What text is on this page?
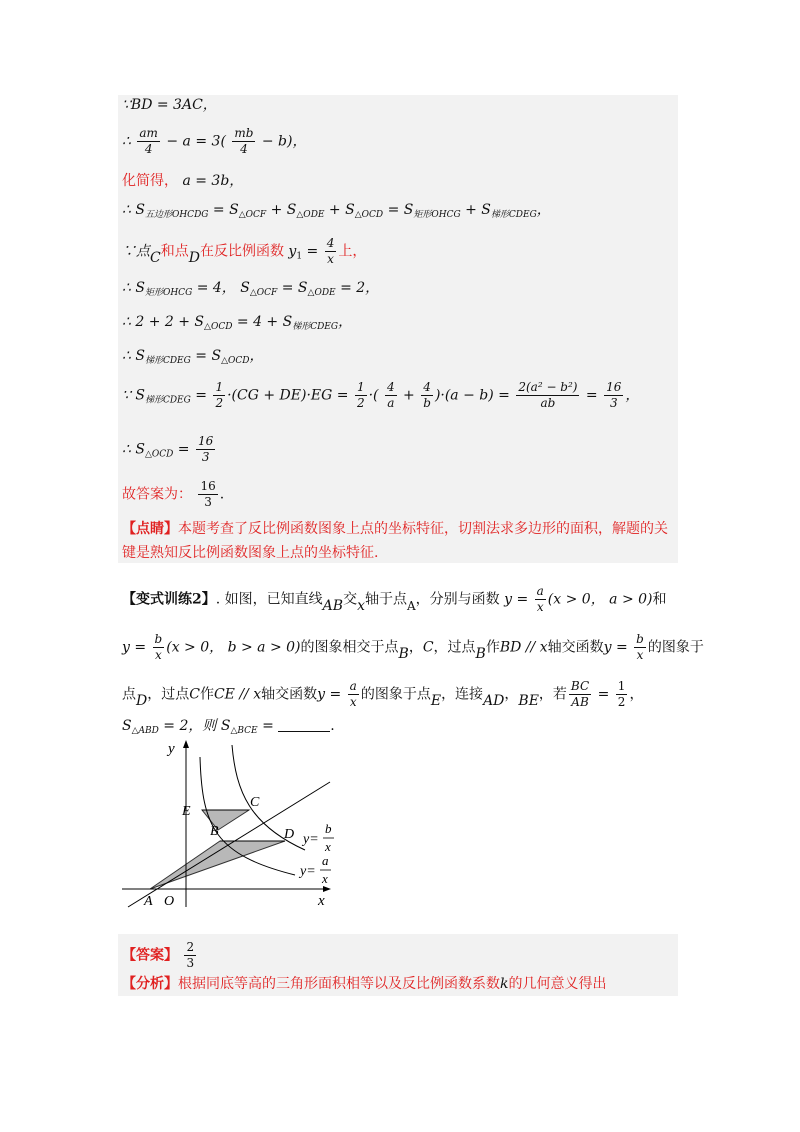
∵BD = 3AC，
∴ $\frac{am}{4} - a = 3( \frac{mb}{4} - b)$，
化简得， a = 3b，
∴ $S_{五边形OHCDG} = S_{\triangle OCF} + S_{\triangle ODE} + S_{\triangle OCD} = S_{矩形OHCG} + S_{梯形CDEG}$，
∵点C和点D在反比例函数 $y_1 = \frac{4}{x}$ 上，
∴ $S_{矩形OHCG} = 4$， $S_{\triangle OCF} = S_{\triangle ODE} = 2$，
∴ $2 + 2 + S_{\triangle OCD} = 4 + S_{梯形CDEG}$，
∴ $S_{梯形CDEG} = S_{\triangle OCD}$，
∵ $S_{梯形CDEG} = \frac{1}{2} \cdot(CG + DE)\cdot EG = \frac{1}{2}$ ·( $\frac{4}{a} + \frac{4}{b} )\cdot(a - b) = \frac{\text{2(a² − b²)}}{ab} = \frac{16}{3}$ ，
∴ $S_{\triangle OCD} = \frac{16}{3}$
故答案为： $\frac{16}{3}$ .
【点睛】本题考查了反比例函数图象上点的坐标特征，切割法求多边形的面积，解题的关
键是熟知反比例函数图象上点的坐标特征.
【变式训练2】. 如图，已知直线AB交x轴于点A，分别与函数 $y = \frac{a}{x} (x > 0$， a > 0)和
$y = \frac{b}{x} (x > 0$， b > a > 0)的图象相交于点B，C，过点B作BD // x轴交函数$y = \frac{b}{x}$ 的图象于
点D，过点C作CE // x轴交函数$y = \frac{a}{x}$ 的图象于点E，连接AD，BE，若 $\frac{BC}{AB} = \frac{1}{2}$ ，
$S_{\triangle ABD} = 2$，则 $S_{\triangle BCE}$ =	.
y
x
E
C
B	D
A O
y=
b
x
y=
a
x
【答案】 $\frac{2}{3}$
【分析】根据同底等高的三角形面积相等以及反比例函数系数k的几何意义得出
